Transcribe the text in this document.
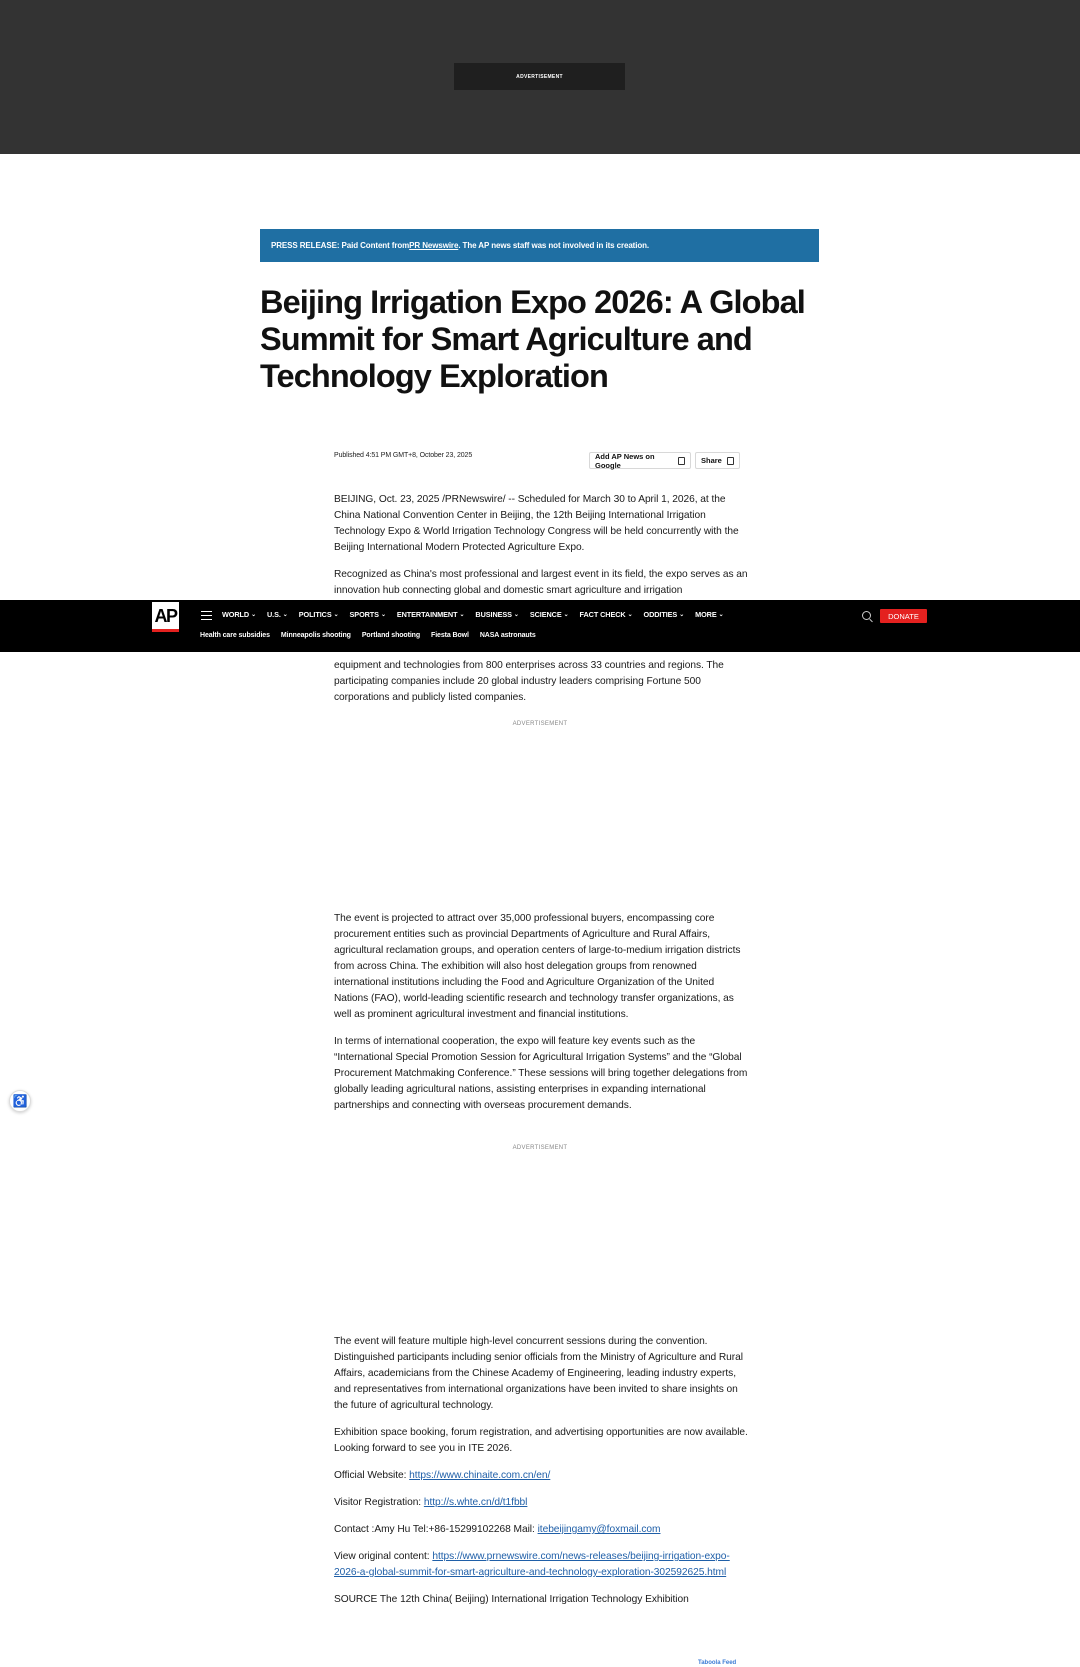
ADVERTISEMENT
PRESS RELEASE: Paid Content from PR Newswire . The AP news staff was not involved in its creation.
Beijing Irrigation Expo 2026: A Global Summit for Smart Agriculture and Technology Exploration
Published 4:51 PM GMT+8, October 23, 2025	Add AP News on Google	Share

BEIJING, Oct. 23, 2025 /PRNewswire/ -- Scheduled for March 30 to April 1, 2026, at the China National Convention Center in Beijing, the 12th Beijing International Irrigation Technology Expo & World Irrigation Technology Congress will be held concurrently with the Beijing International Modern Protected Agriculture Expo.

Recognized as China's most professional and largest event in its field, the expo serves as an innovation hub connecting global and domestic smart agriculture and irrigation

equipment and technologies from 800 enterprises across 33 countries and regions. The participating companies include 20 global industry leaders comprising Fortune 500 corporations and publicly listed companies.

ADVERTISEMENT

The event is projected to attract over 35,000 professional buyers, encompassing core procurement entities such as provincial Departments of Agriculture and Rural Affairs, agricultural reclamation groups, and operation centers of large-to-medium irrigation districts from across China. The exhibition will also host delegation groups from renowned international institutions including the Food and Agriculture Organization of the United Nations (FAO), world-leading scientific research and technology transfer organizations, as well as prominent agricultural investment and financial institutions.

In terms of international cooperation, the expo will feature key events such as the “International Special Promotion Session for Agricultural Irrigation Systems” and the “Global Procurement Matchmaking Conference.” These sessions will bring together delegations from globally leading agricultural nations, assisting enterprises in expanding international partnerships and connecting with overseas procurement demands.

ADVERTISEMENT

The event will feature multiple high-level concurrent sessions during the convention. Distinguished participants including senior officials from the Ministry of Agriculture and Rural Affairs, academicians from the Chinese Academy of Engineering, leading industry experts, and representatives from international organizations have been invited to share insights on the future of agricultural technology.

Exhibition space booking, forum registration, and advertising opportunities are now available. Looking forward to see you in ITE 2026.

Official Website: https://www.chinaite.com.cn/en/

Visitor Registration: http://s.whte.cn/d/t1fbbl

Contact :Amy Hu Tel:+86-15299102268 Mail: itebeijingamy@foxmail.com

View original content: https://www.prnewswire.com/news-releases/beijing-irrigation-expo-2026-a-global-summit-for-smart-agriculture-and-technology-exploration-302592625.html

SOURCE The 12th China( Beijing) International Irrigation Technology Exhibition

AP	WORLD ⌄ U.S. ⌄ POLITICS ⌄ SPORTS ⌄ ENTERTAINMENT ⌄ BUSINESS ⌄ SCIENCE ⌄ FACT CHECK ⌄ ODDITIES ⌄ MORE ⌄
Health care subsidies Minneapolis shooting Portland shooting Fiesta Bowl NASA astronauts
DONATE
♿
Taboola Feed
